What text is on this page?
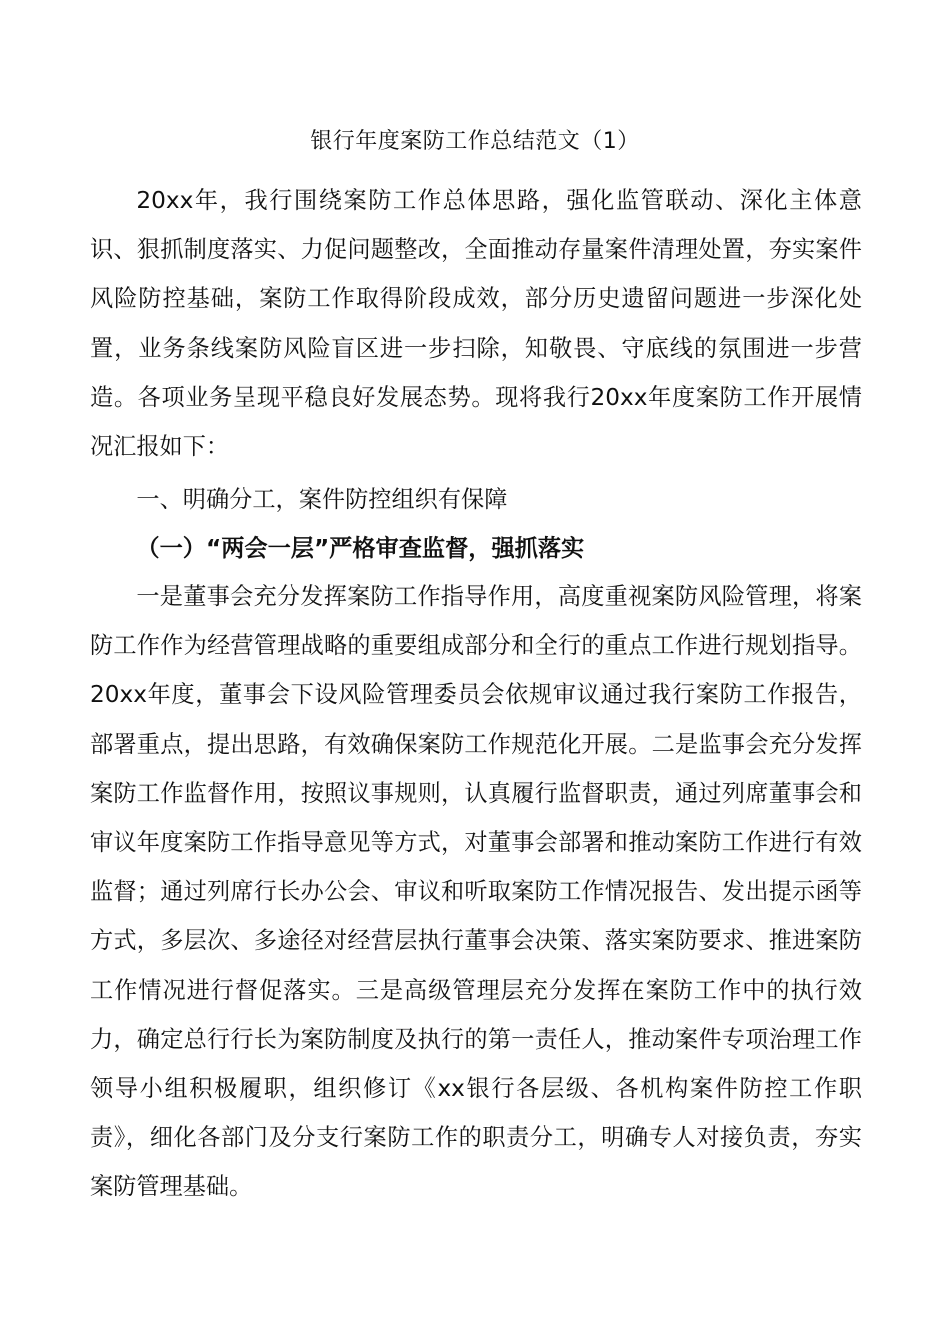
银行年度案防工作总结范文（1）

20xx年，我行围绕案防工作总体思路，强化监管联动、深化主体意识、狠抓制度落实、力促问题整改，全面推动存量案件清理处置，夯实案件风险防控基础，案防工作取得阶段成效，部分历史遗留问题进一步深化处置，业务条线案防风险盲区进一步扫除，知敬畏、守底线的氛围进一步营造。各项业务呈现平稳良好发展态势。现将我行20xx年度案防工作开展情况汇报如下：

一、明确分工，案件防控组织有保障
（一）“两会一层”严格审查监督，强抓落实

一是董事会充分发挥案防工作指导作用，高度重视案防风险管理，将案防工作作为经营管理战略的重要组成部分和全行的重点工作进行规划指导。20xx年度，董事会下设风险管理委员会依规审议通过我行案防工作报告，部署重点，提出思路，有效确保案防工作规范化开展。二是监事会充分发挥案防工作监督作用，按照议事规则，认真履行监督职责，通过列席董事会和审议年度案防工作指导意见等方式，对董事会部署和推动案防工作进行有效监督；通过列席行长办公会、审议和听取案防工作情况报告、发出提示函等方式，多层次、多途径对经营层执行董事会决策、落实案防要求、推进案防工作情况进行督促落实。三是高级管理层充分发挥在案防工作中的执行效力，确定总行行长为案防制度及执行的第一责任人，推动案件专项治理工作领导小组积极履职，组织修订《xx银行各层级、各机构案件防控工作职责》，细化各部门及分支行案防工作的职责分工，明确专人对接负责，夯实案防管理基础。
